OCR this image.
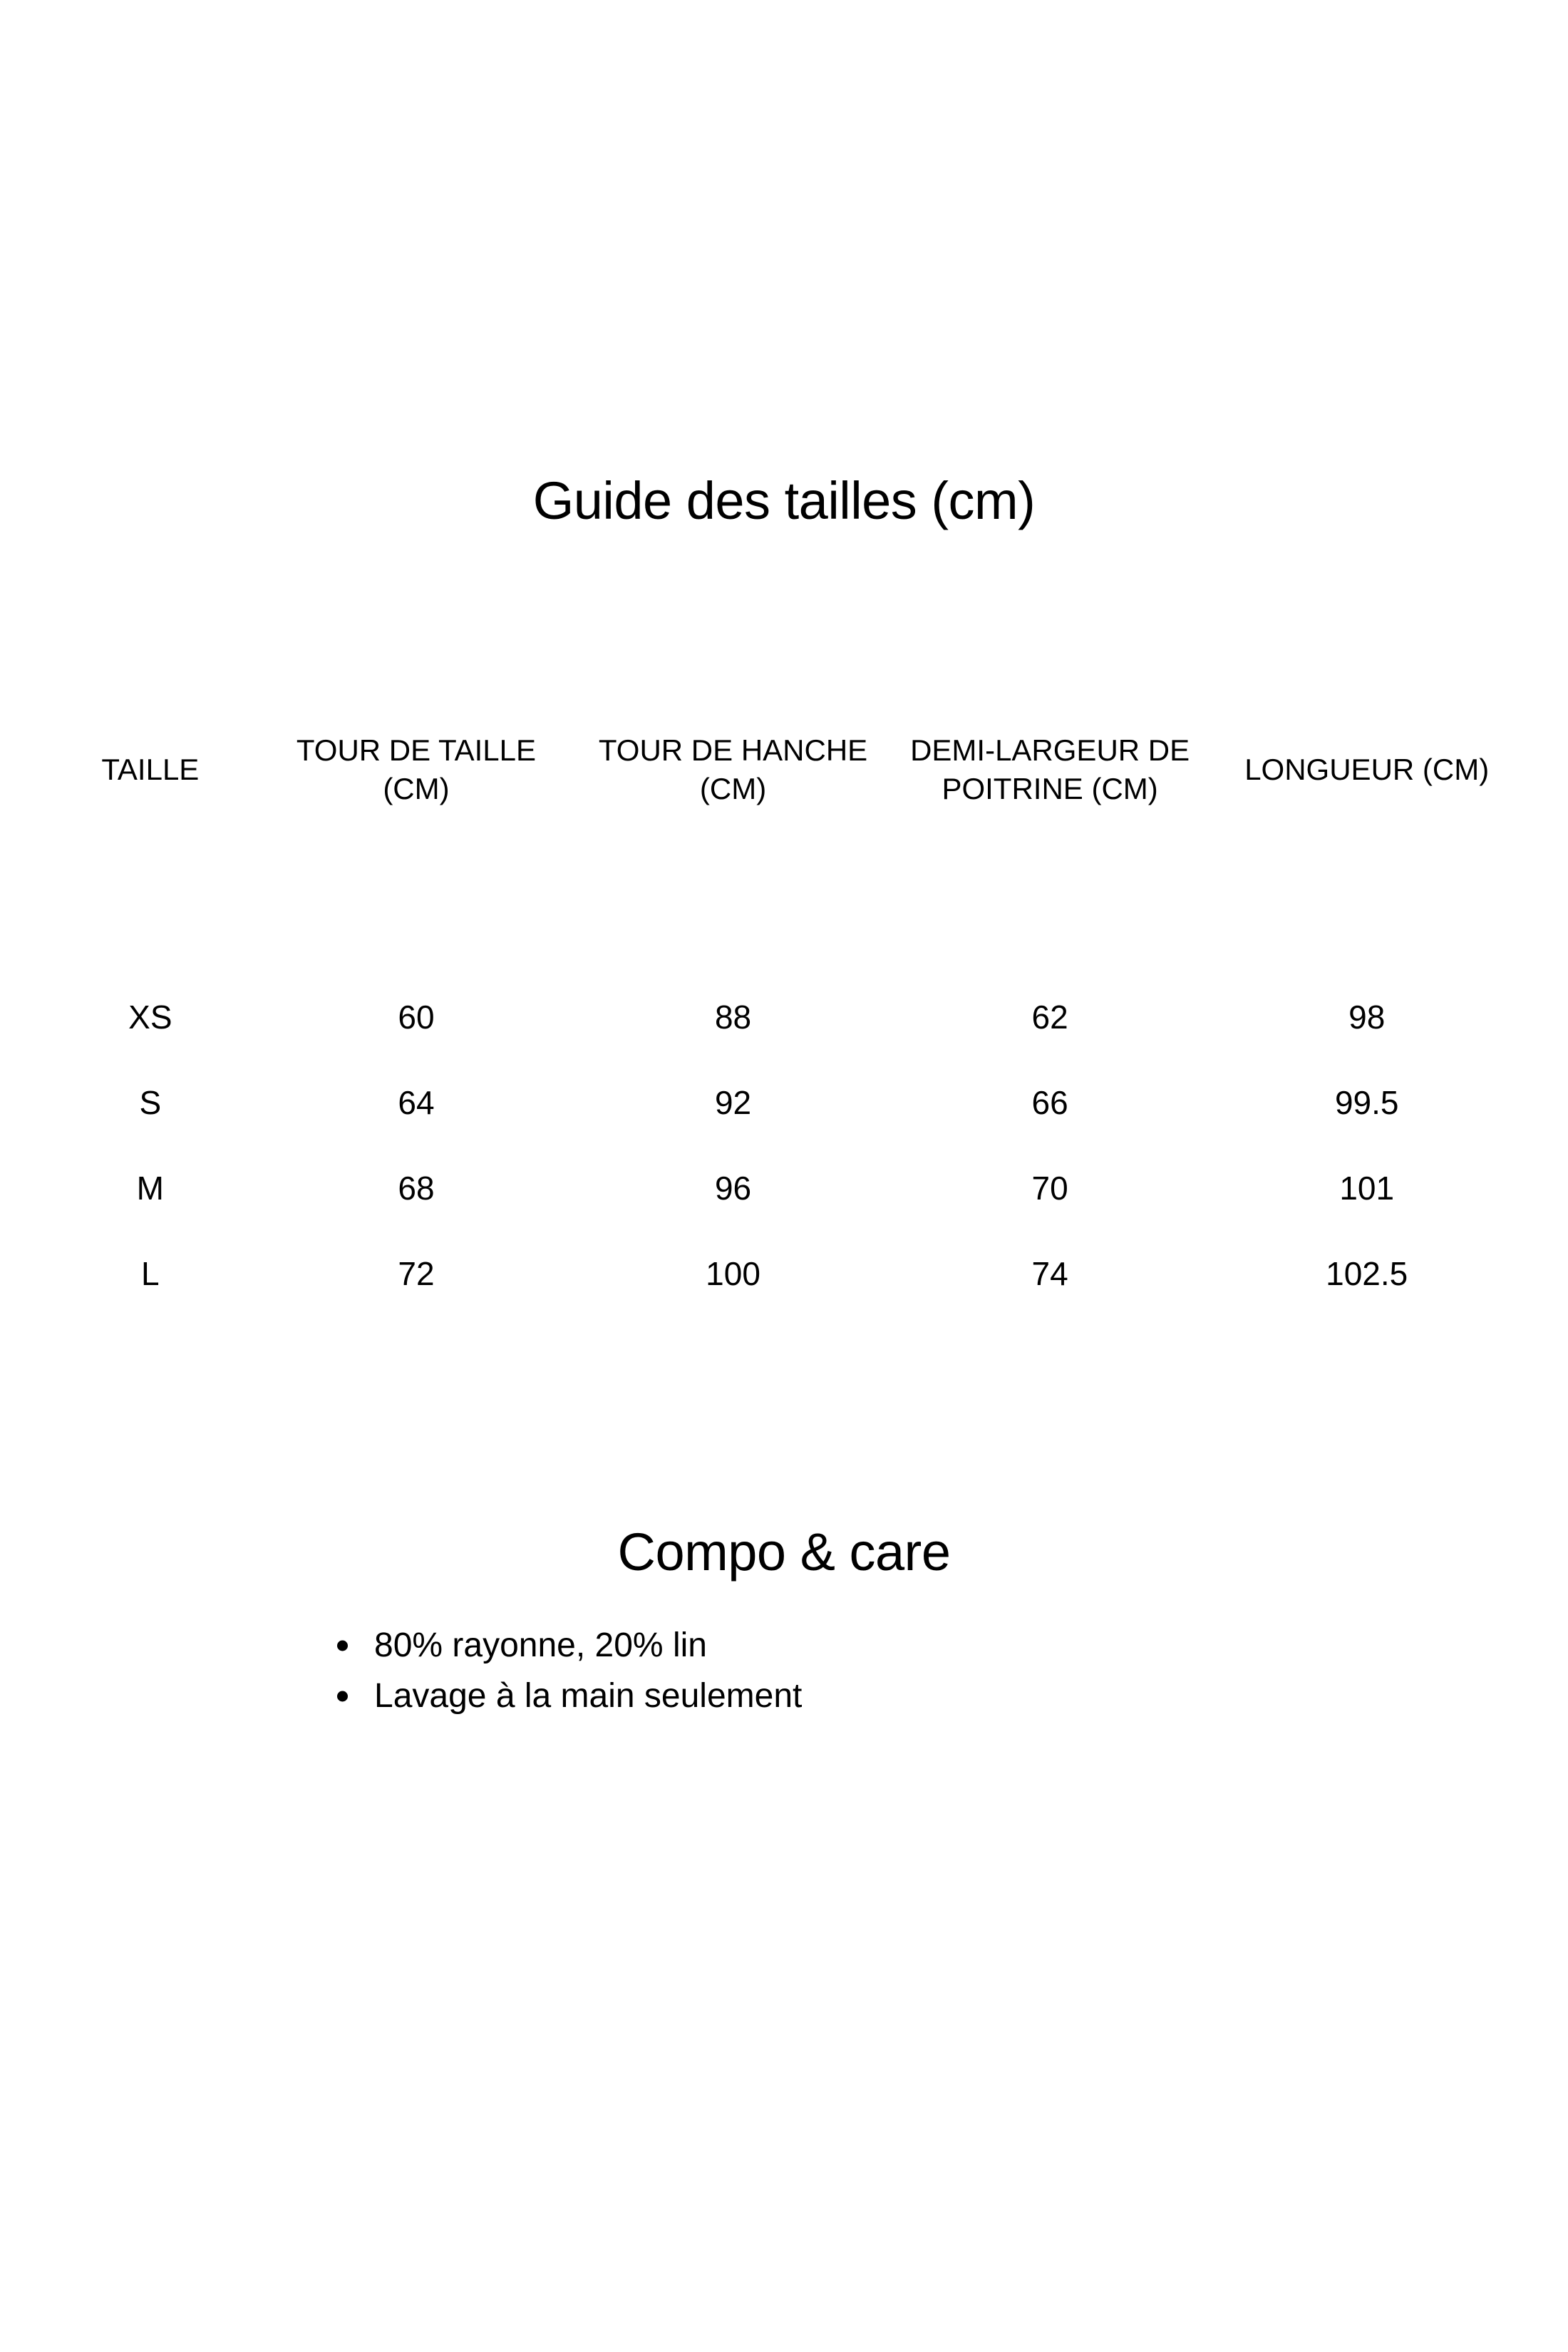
Guide des tailles (cm)
TAILLE	TOUR DE TAILLE (CM)	TOUR DE HANCHE (CM)	DEMI-LARGEUR DE POITRINE (CM)	LONGUEUR (CM)
XS	60	88	62	98
S	64	92	66	99.5
M	68	96	70	101
L	72	100	74	102.5
Compo & care
80% rayonne, 20% lin
Lavage à la main seulement
